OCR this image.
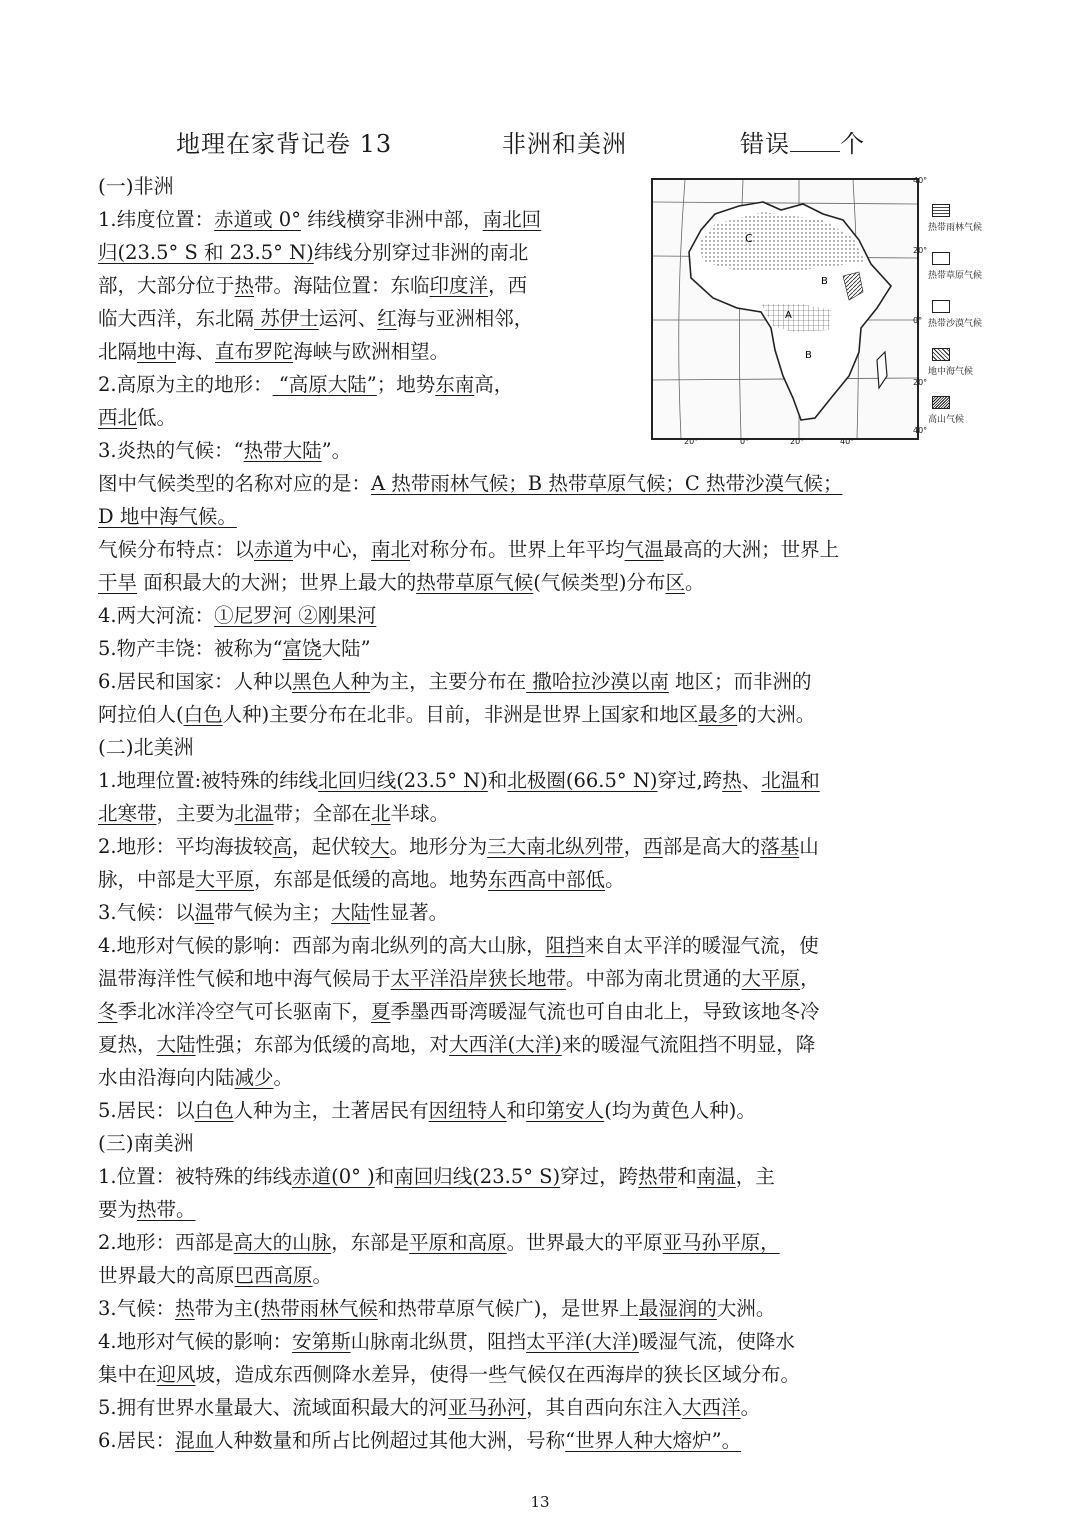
地理在家背记卷 13	非洲和美洲	错误 个
C
B
A
B
40°
20°
0°
20°
40°
20°	0°	20°	40°
热带雨林气候
热带草原气候
热带沙漠气候
地中海气候
高山气候
(一)非洲
1.纬度位置：赤道或 0° 纬线横穿非洲中部，南北回
归(23.5° S 和 23.5° N)纬线分别穿过非洲的南北
部，大部分位于热带。海陆位置：东临印度洋，西
临大西洋，东北隔 苏伊士运河、红海与亚洲相邻，
北隔地中海、直布罗陀海峡与欧洲相望。
2.高原为主的地形： “高原大陆”；地势东南高，
西北低。
3.炎热的气候：“热带大陆”。
图中气候类型的名称对应的是：A 热带雨林气候；B 热带草原气候；C 热带沙漠气候；
D 地中海气候。
气候分布特点：以赤道为中心，南北对称分布。世界上年平均气温最高的大洲；世界上
干旱 面积最大的大洲；世界上最大的热带草原气候(气候类型)分布区。
4.两大河流：①尼罗河 ②刚果河
5.物产丰饶：被称为“富饶大陆”
6.居民和国家：人种以黑色人种为主，主要分布在 撒哈拉沙漠以南 地区；而非洲的
阿拉伯人(白色人种)主要分布在北非。目前，非洲是世界上国家和地区最多的大洲。
(二)北美洲
1.地理位置:被特殊的纬线北回归线(23.5° N)和北极圈(66.5° N)穿过,跨热、北温和
北寒带，主要为北温带；全部在北半球。
2.地形：平均海拔较高，起伏较大。地形分为三大南北纵列带，西部是高大的落基山
脉，中部是大平原，东部是低缓的高地。地势东西高中部低。
3.气候：以温带气候为主；大陆性显著。
4.地形对气候的影响：西部为南北纵列的高大山脉，阻挡来自太平洋的暖湿气流，使
温带海洋性气候和地中海气候局于太平洋沿岸狭长地带。中部为南北贯通的大平原，
冬季北冰洋冷空气可长驱南下，夏季墨西哥湾暖湿气流也可自由北上，导致该地冬冷
夏热，大陆性强；东部为低缓的高地，对大西洋(大洋)来的暖湿气流阻挡不明显，降
水由沿海向内陆减少。
5.居民：以白色人种为主，土著居民有因纽特人和印第安人(均为黄色人种)。
(三)南美洲
1.位置：被特殊的纬线赤道(0° )和南回归线(23.5° S)穿过，跨热带和南温，主
要为热带。
2.地形：西部是高大的山脉，东部是平原和高原。世界最大的平原亚马孙平原，
世界最大的高原巴西高原。
3.气候：热带为主(热带雨林气候和热带草原气候广)，是世界上最湿润的大洲。
4.地形对气候的影响：安第斯山脉南北纵贯，阻挡太平洋(大洋)暖湿气流，使降水
集中在迎风坡，造成东西侧降水差异，使得一些气候仅在西海岸的狭长区域分布。
5.拥有世界水量最大、流域面积最大的河亚马孙河，其自西向东注入大西洋。
6.居民：混血人种数量和所占比例超过其他大洲，号称“世界人种大熔炉”。
13
